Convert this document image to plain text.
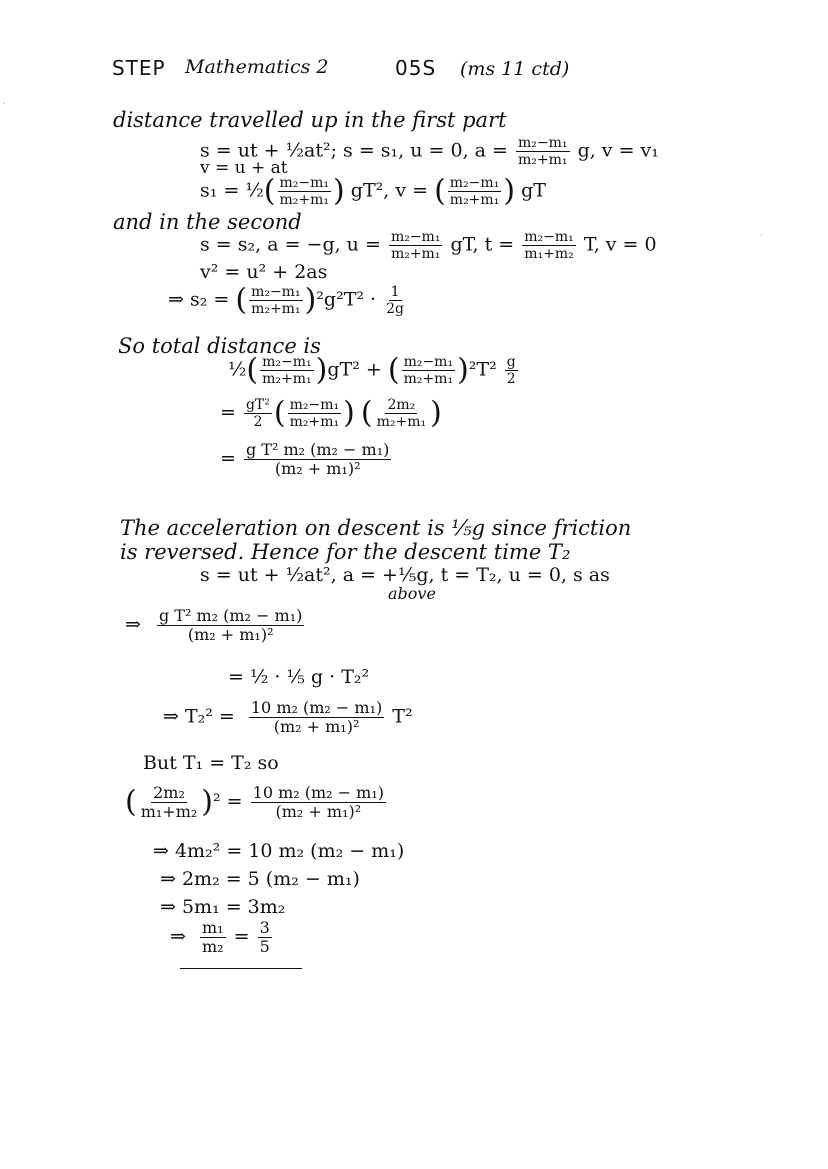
STEP Mathematics 2	05S (ms 11 ctd)
distance travelled up in the first part
s = ut + ½at²; s = s₁, u = 0, $a = \frac{\text{m₂−m₁}}{\text{m₂+m₁}} g$, v = v₁
v = u + at
s₁ = ½( $\frac{\text{m₂−m₁}}{\text{m₂+m₁}}$ ) gT², v = ( $\frac{\text{m₂−m₁}}{\text{m₂+m₁}}$ ) gT
and in the second
s = s₂, a = −g, $u = \frac{\text{m₂−m₁}}{\text{m₂+m₁}}$ gT, $t = \frac{\text{m₂−m₁}}{\text{m₁+m₂}} T$, v = 0
v² = u² + 2as
⇒ s₂ = ( $\frac{\text{m₂−m₁}}{\text{m₂+m₁}} )^2g^2T^2 \cdot \frac{1}{2g}$
So total distance is
½( $\frac{\text{m₂−m₁}}{\text{m₂+m₁}} )gT^2$ + ( $\frac{\text{m₂−m₁}}{\text{m₂+m₁}} )^2T^2 \frac{g}{2}$
= $\frac{\text{gT²}}{2}$ ( $\frac{\text{m₂−m₁}}{\text{m₂+m₁}}$ ) ( $\frac{\text{2m₂}}{\text{m₂+m₁}}$ )
= $\frac{\text{g T² m₂ (m₂ − m₁)}}{\text{(m₂ + m₁)²}}$
The acceleration on descent is ⅕g since friction
is reversed. Hence for the descent time T₂
s = ut + ½at², a = +⅕g, t = T₂, u = 0, s as
above
⇒ $\frac{\text{g T² m₂ (m₂ − m₁)}}{\text{(m₂ + m₁)²}}$
= ½ · ⅕ g · T₂²
⇒ $T_2^2 = \frac{\text{10 m₂ (m₂ − m₁)}}{\text{(m₂ + m₁)²}} T^2$
But T₁ = T₂ so
( $\frac{\text{2m₂}}{\text{m₁+m₂}} )^2 = \frac{\text{10 m₂ (m₂ − m₁)}}{\text{(m₂ + m₁)²}}$
⇒ 4m₂² = 10 m₂ (m₂ − m₁)
⇒ 2m₂ = 5 (m₂ − m₁)
⇒ 5m₁ = 3m₂
⇒ $\frac{\text{m₁}}{\text{m₂}} = \frac{3}{5}$
.
·
